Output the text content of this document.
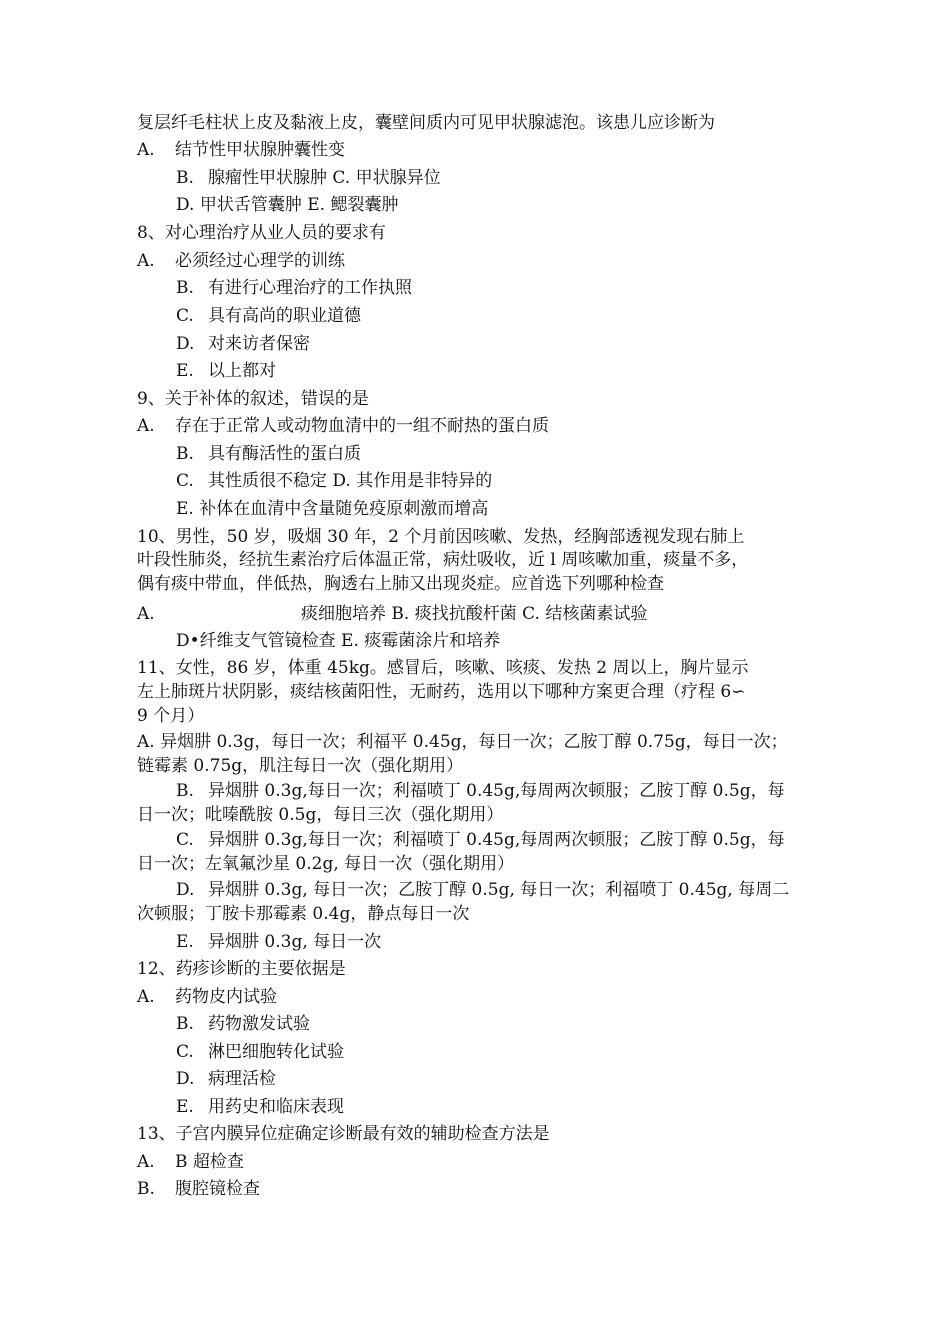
复层纤毛柱状上皮及黏液上皮，囊壁间质内可见甲状腺滤泡。该患儿应诊断为
A. 结节性甲状腺肿囊性变
B. 腺瘤性甲状腺肿 C. 甲状腺异位
D. 甲状舌管囊肿 E. 鳃裂囊肿
8、对心理治疗从业人员的要求有
A. 必须经过心理学的训练
B. 有进行心理治疗的工作执照
C. 具有高尚的职业道德
D. 对来访者保密
E. 以上都对
9、关于补体的叙述，错误的是
A. 存在于正常人或动物血清中的一组不耐热的蛋白质
B. 具有酶活性的蛋白质
C. 其性质很不稳定 D. 其作用是非特异的
E. 补体在血清中含量随免疫原刺激而增高
10、男性，50 岁，吸烟 30 年，2 个月前因咳嗽、发热，经胸部透视发现右肺上
叶段性肺炎，经抗生素治疗后体温正常，病灶吸收，近 l 周咳嗽加重，痰量不多，
偶有痰中带血，伴低热，胸透右上肺又出现炎症。应首选下列哪种检查
A.	痰细胞培养 B. 痰找抗酸杆菌 C. 结核菌素试验
D•纤维支气管镜检查 E. 痰霉菌涂片和培养
11、女性，86 岁，体重 45kg。感冒后，咳嗽、咳痰、发热 2 周以上，胸片显示
左上肺斑片状阴影，痰结核菌阳性，无耐药，选用以下哪种方案更合理（疗程 6∽
9 个月）
A. 异烟肼 0.3g，每日一次；利福平 0.45g，每日一次；乙胺丁醇 0.75g，每日一次；
链霉素 0.75g，肌注每日一次（强化期用）
B. 异烟肼 0.3g,每日一次；利福喷丁 0.45g,每周两次顿服；乙胺丁醇 0.5g，每
日一次；吡嗪酰胺 0.5g，每日三次（强化期用）
C. 异烟肼 0.3g,每日一次；利福喷丁 0.45g,每周两次顿服；乙胺丁醇 0.5g，每
日一次；左氧氟沙星 0.2g, 每日一次（强化期用）
D. 异烟肼 0.3g, 每日一次；乙胺丁醇 0.5g, 每日一次；利福喷丁 0.45g, 每周二
次顿服；丁胺卡那霉素 0.4g，静点每日一次
E. 异烟肼 0.3g, 每日一次
12、药疹诊断的主要依据是
A. 药物皮内试验
B. 药物激发试验
C. 淋巴细胞转化试验
D. 病理活检
E. 用药史和临床表现
13、子宫内膜异位症确定诊断最有效的辅助检查方法是
A. B 超检查
B. 腹腔镜检查
